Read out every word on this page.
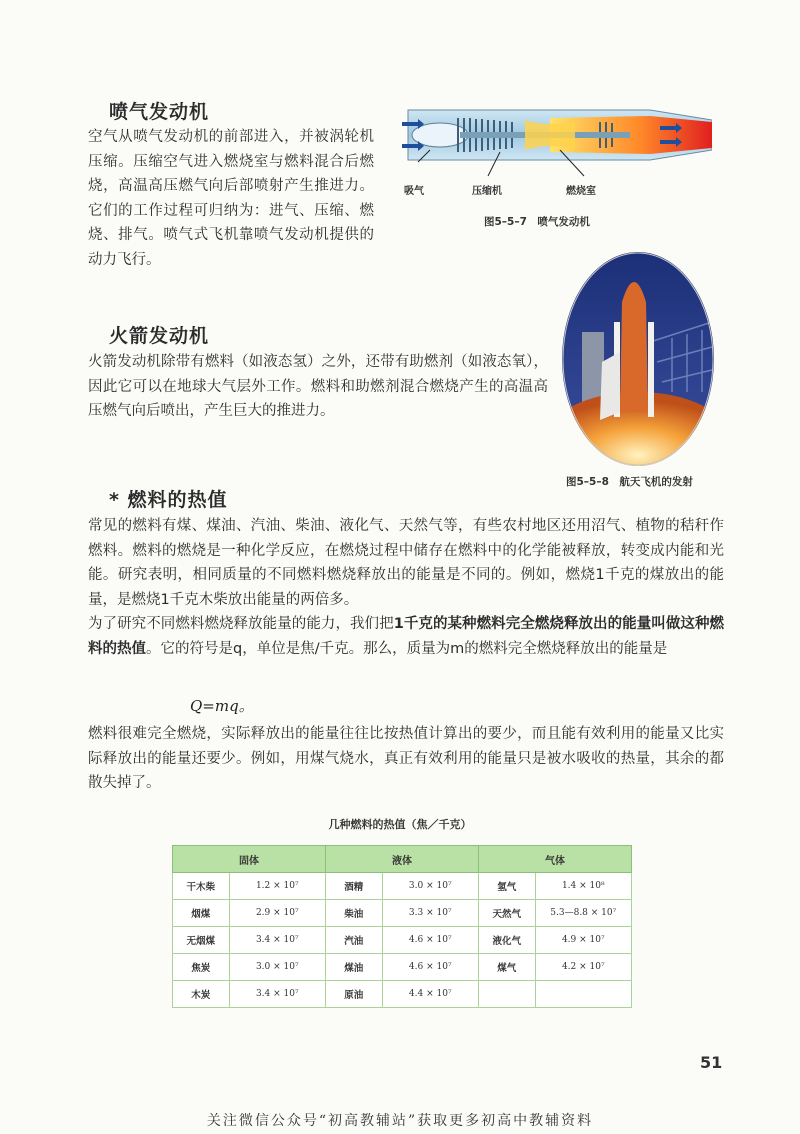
喷气发动机
空气从喷气发动机的前部进入，并被涡轮机压缩。压缩空气进入燃烧室与燃料混合后燃烧，高温高压燃气向后部喷射产生推进力。它们的工作过程可归纳为：进气、压缩、燃烧、排气。喷气式飞机靠喷气发动机提供的动力飞行。
吸气	压缩机	燃烧室
图5–5–7　喷气发动机
图5–5–8　航天飞机的发射
火箭发动机
火箭发动机除带有燃料（如液态氢）之外，还带有助燃剂（如液态氧），因此它可以在地球大气层外工作。燃料和助燃剂混合燃烧产生的高温高压燃气向后喷出，产生巨大的推进力。
* 燃料的热值
常见的燃料有煤、煤油、汽油、柴油、液化气、天然气等，有些农村地区还用沼气、植物的秸秆作燃料。燃料的燃烧是一种化学反应，在燃烧过程中储存在燃料中的化学能被释放，转变成内能和光能。研究表明，相同质量的不同燃料燃烧释放出的能量是不同的。例如，燃烧1千克的煤放出的能量，是燃烧1千克木柴放出能量的两倍多。
为了研究不同燃料燃烧释放能量的能力，我们把1千克的某种燃料完全燃烧释放出的能量叫做这种燃料的热值。它的符号是q，单位是焦/千克。那么，质量为m的燃料完全燃烧释放出的能量是
Q=mq。
燃料很难完全燃烧，实际释放出的能量往往比按热值计算出的要少，而且能有效利用的能量又比实际释放出的能量还要少。例如，用煤气烧水，真正有效利用的能量只是被水吸收的热量，其余的都散失掉了。
几种燃料的热值（焦／千克）
固体		液体		气体	
干木柴	1.2 × 10⁷	酒精	3.0 × 10⁷	氢气	1.4 × 10⁸
烟煤	2.9 × 10⁷	柴油	3.3 × 10⁷	天然气	5.3—8.8 × 10⁷
无烟煤	3.4 × 10⁷	汽油	4.6 × 10⁷	液化气	4.9 × 10⁷
焦炭	3.0 × 10⁷	煤油	4.6 × 10⁷	煤气	4.2 × 10⁷
木炭	3.4 × 10⁷	原油	4.4 × 10⁷		
51
关注微信公众号“初高教辅站”获取更多初高中教辅资料
